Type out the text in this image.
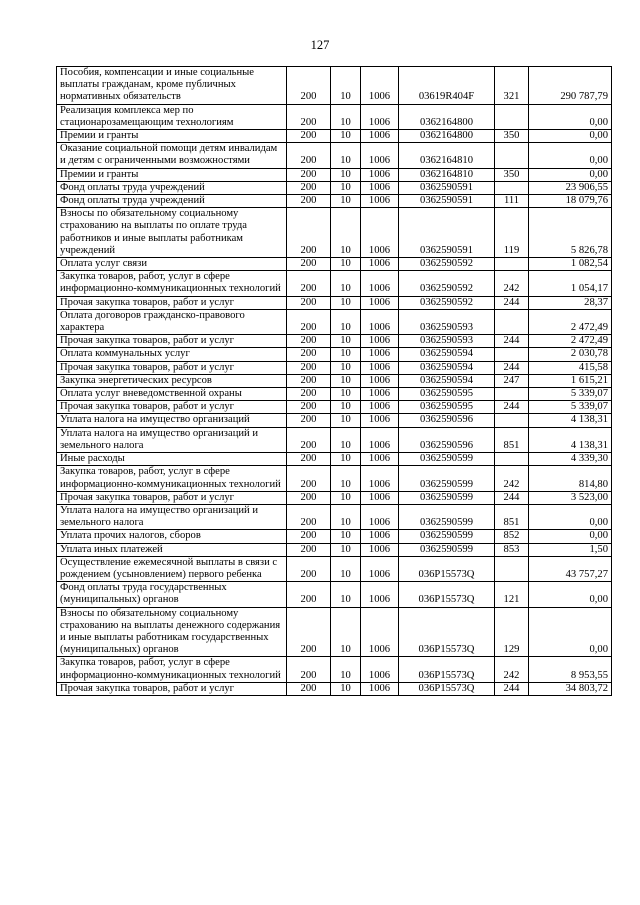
127
Пособия, компенсации и иные социальные выплаты гражданам, кроме публичных нормативных обязательств	200	10	1006	03619R404F	321	290 787,79
Реализация комплекса мер по стационарозамещающим технологиям	200	10	1006	0362164800		0,00
Премии и гранты	200	10	1006	0362164800	350	0,00
Оказание социальной помощи детям инвалидам и детям с ограниченными возможностями	200	10	1006	0362164810		0,00
Премии и гранты	200	10	1006	0362164810	350	0,00
Фонд оплаты труда учреждений	200	10	1006	0362590591		23 906,55
Фонд оплаты труда учреждений	200	10	1006	0362590591	111	18 079,76
Взносы по обязательному социальному страхованию на выплаты по оплате труда работников и иные выплаты работникам учреждений	200	10	1006	0362590591	119	5 826,78
Оплата услуг связи	200	10	1006	0362590592		1 082,54
Закупка товаров, работ, услуг в сфере информационно-коммуникационных технологий	200	10	1006	0362590592	242	1 054,17
Прочая закупка товаров, работ и услуг	200	10	1006	0362590592	244	28,37
Оплата договоров гражданско-правового характера	200	10	1006	0362590593		2 472,49
Прочая закупка товаров, работ и услуг	200	10	1006	0362590593	244	2 472,49
Оплата коммунальных услуг	200	10	1006	0362590594		2 030,78
Прочая закупка товаров, работ и услуг	200	10	1006	0362590594	244	415,58
Закупка энергетических ресурсов	200	10	1006	0362590594	247	1 615,21
Оплата услуг вневедомственной охраны	200	10	1006	0362590595		5 339,07
Прочая закупка товаров, работ и услуг	200	10	1006	0362590595	244	5 339,07
Уплата налога на имущество организаций	200	10	1006	0362590596		4 138,31
Уплата налога на имущество организаций и земельного налога	200	10	1006	0362590596	851	4 138,31
Иные расходы	200	10	1006	0362590599		4 339,30
Закупка товаров, работ, услуг в сфере информационно-коммуникационных технологий	200	10	1006	0362590599	242	814,80
Прочая закупка товаров, работ и услуг	200	10	1006	0362590599	244	3 523,00
Уплата налога на имущество организаций и земельного налога	200	10	1006	0362590599	851	0,00
Уплата прочих налогов, сборов	200	10	1006	0362590599	852	0,00
Уплата иных платежей	200	10	1006	0362590599	853	1,50
Осуществление ежемесячной выплаты в связи с рождением (усыновлением) первого ребенка	200	10	1006	036P15573Q		43 757,27
Фонд оплаты труда государственных (муниципальных) органов	200	10	1006	036P15573Q	121	0,00
Взносы по обязательному социальному страхованию на выплаты денежного содержания и иные выплаты работникам государственных (муниципальных) органов	200	10	1006	036P15573Q	129	0,00
Закупка товаров, работ, услуг в сфере информационно-коммуникационных технологий	200	10	1006	036P15573Q	242	8 953,55
Прочая закупка товаров, работ и услуг	200	10	1006	036P15573Q	244	34 803,72
